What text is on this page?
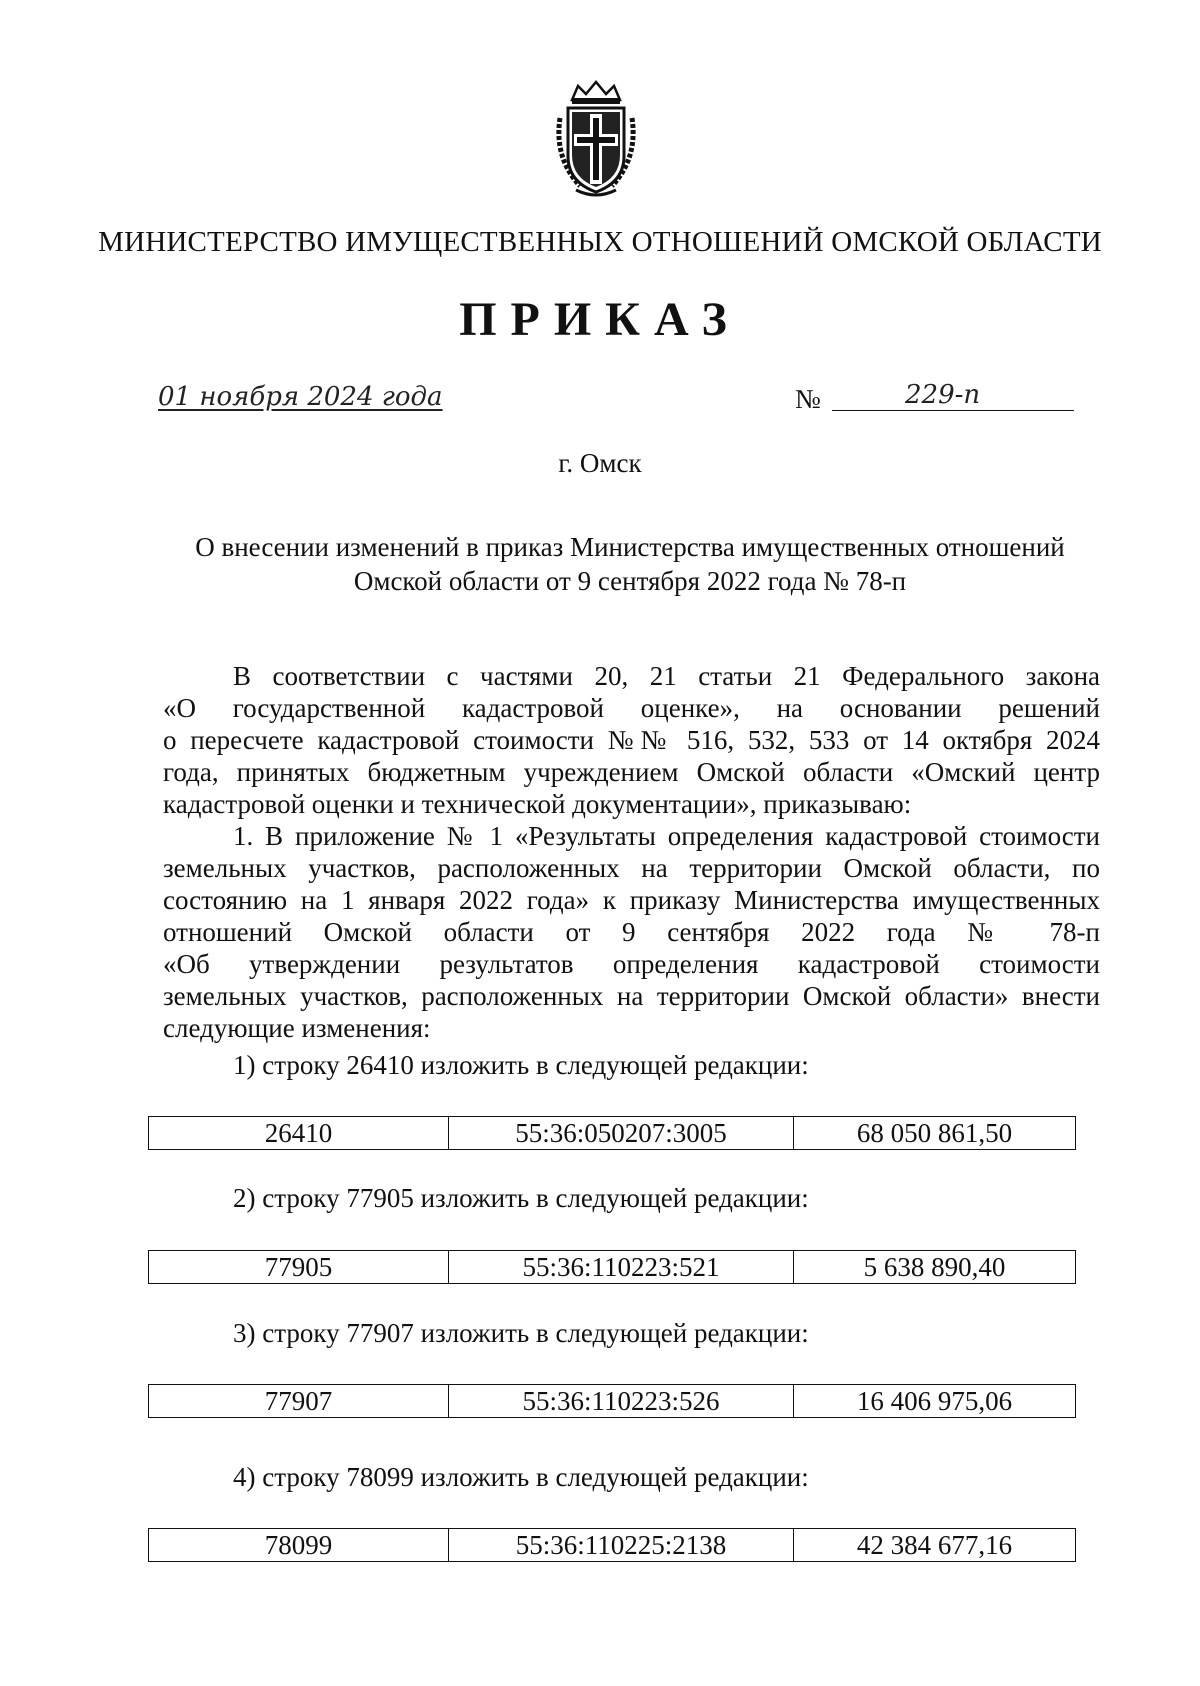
МИНИСТЕРСТВО ИМУЩЕСТВЕННЫХ ОТНОШЕНИЙ ОМСКОЙ ОБЛАСТИ
ПРИКАЗ
01 ноября 2024 года	№	229-п
г. Омск
О внесении изменений в приказ Министерства имущественных отношений
Омской области от 9 сентября 2022 года № 78-п
В соответствии с частями 20, 21 статьи 21 Федерального закона
«О государственной кадастровой оценке», на основании решений
о пересчете кадастровой стоимости №№ 516, 532, 533 от 14 октября 2024
года, принятых бюджетным учреждением Омской области «Омский центр
кадастровой оценки и технической документации», приказываю:
1. В приложение № 1 «Результаты определения кадастровой стоимости
земельных участков, расположенных на территории Омской области, по
состоянию на 1 января 2022 года» к приказу Министерства имущественных
отношений Омской области от 9 сентября 2022 года № 78-п
«Об утверждении результатов определения кадастровой стоимости
земельных участков, расположенных на территории Омской области» внести
следующие изменения:
1) строку 26410 изложить в следующей редакции:
26410	55:36:050207:3005	68 050 861,50
2) строку 77905 изложить в следующей редакции:
77905	55:36:110223:521	5 638 890,40
3) строку 77907 изложить в следующей редакции:
77907	55:36:110223:526	16 406 975,06
4) строку 78099 изложить в следующей редакции:
78099	55:36:110225:2138	42 384 677,16
